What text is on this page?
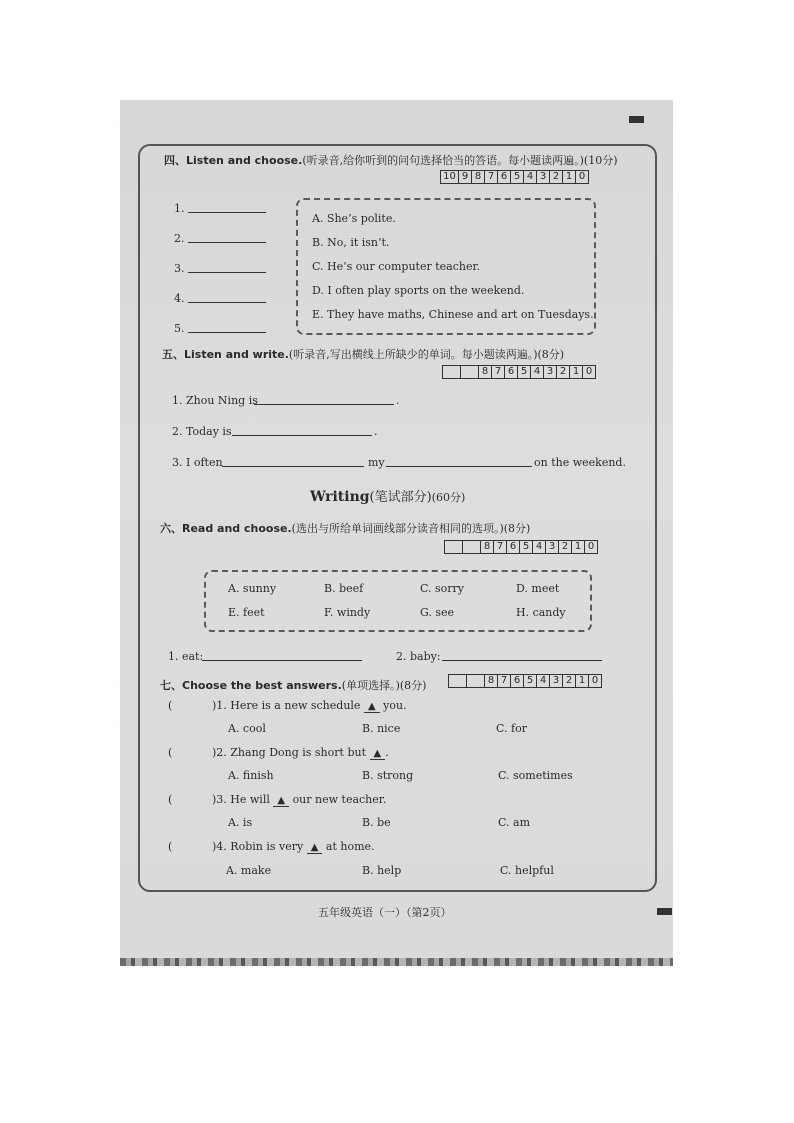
四、Listen and choose.(听录音,给你听到的问句选择恰当的答语。每小题读两遍。)(10分)
10 9 8 7 6 5 4 3 2 1 0
1.
2.
3.
4.
5.
A. She’s polite.
B. No, it isn’t.
C. He’s our computer teacher.
D. I often play sports on the weekend.
E. They have maths, Chinese and art on Tuesdays.
五、Listen and write.(听录音,写出横线上所缺少的单词。每小题读两遍。)(8分)
8 7 6 5 4 3 2 1 0
1. Zhou Ning is	.
2. Today is	.
3. I often	my	on the weekend.
Writing(笔试部分)(60分)
六、Read and choose.(选出与所给单词画线部分读音相同的选项。)(8分)
8 7 6 5 4 3 2 1 0
A. sunny	B. beef	C. sorry	D. meet
E. feet	F. windy	G. see	H. candy
1. eat:	2. baby:
七、Choose the best answers.(单项选择。)(8分)	8 7 6 5 4 3 2 1 0
(	)1. Here is a new schedule ▲ you.
A. cool	B. nice	C. for
(	)2. Zhang Dong is short but ▲ .
A. finish	B. strong	C. sometimes
(	)3. He will ▲ our new teacher.
A. is	B. be	C. am
(	)4. Robin is very ▲ at home.
A. make	B. help	C. helpful
五年级英语（一）（第2页）
